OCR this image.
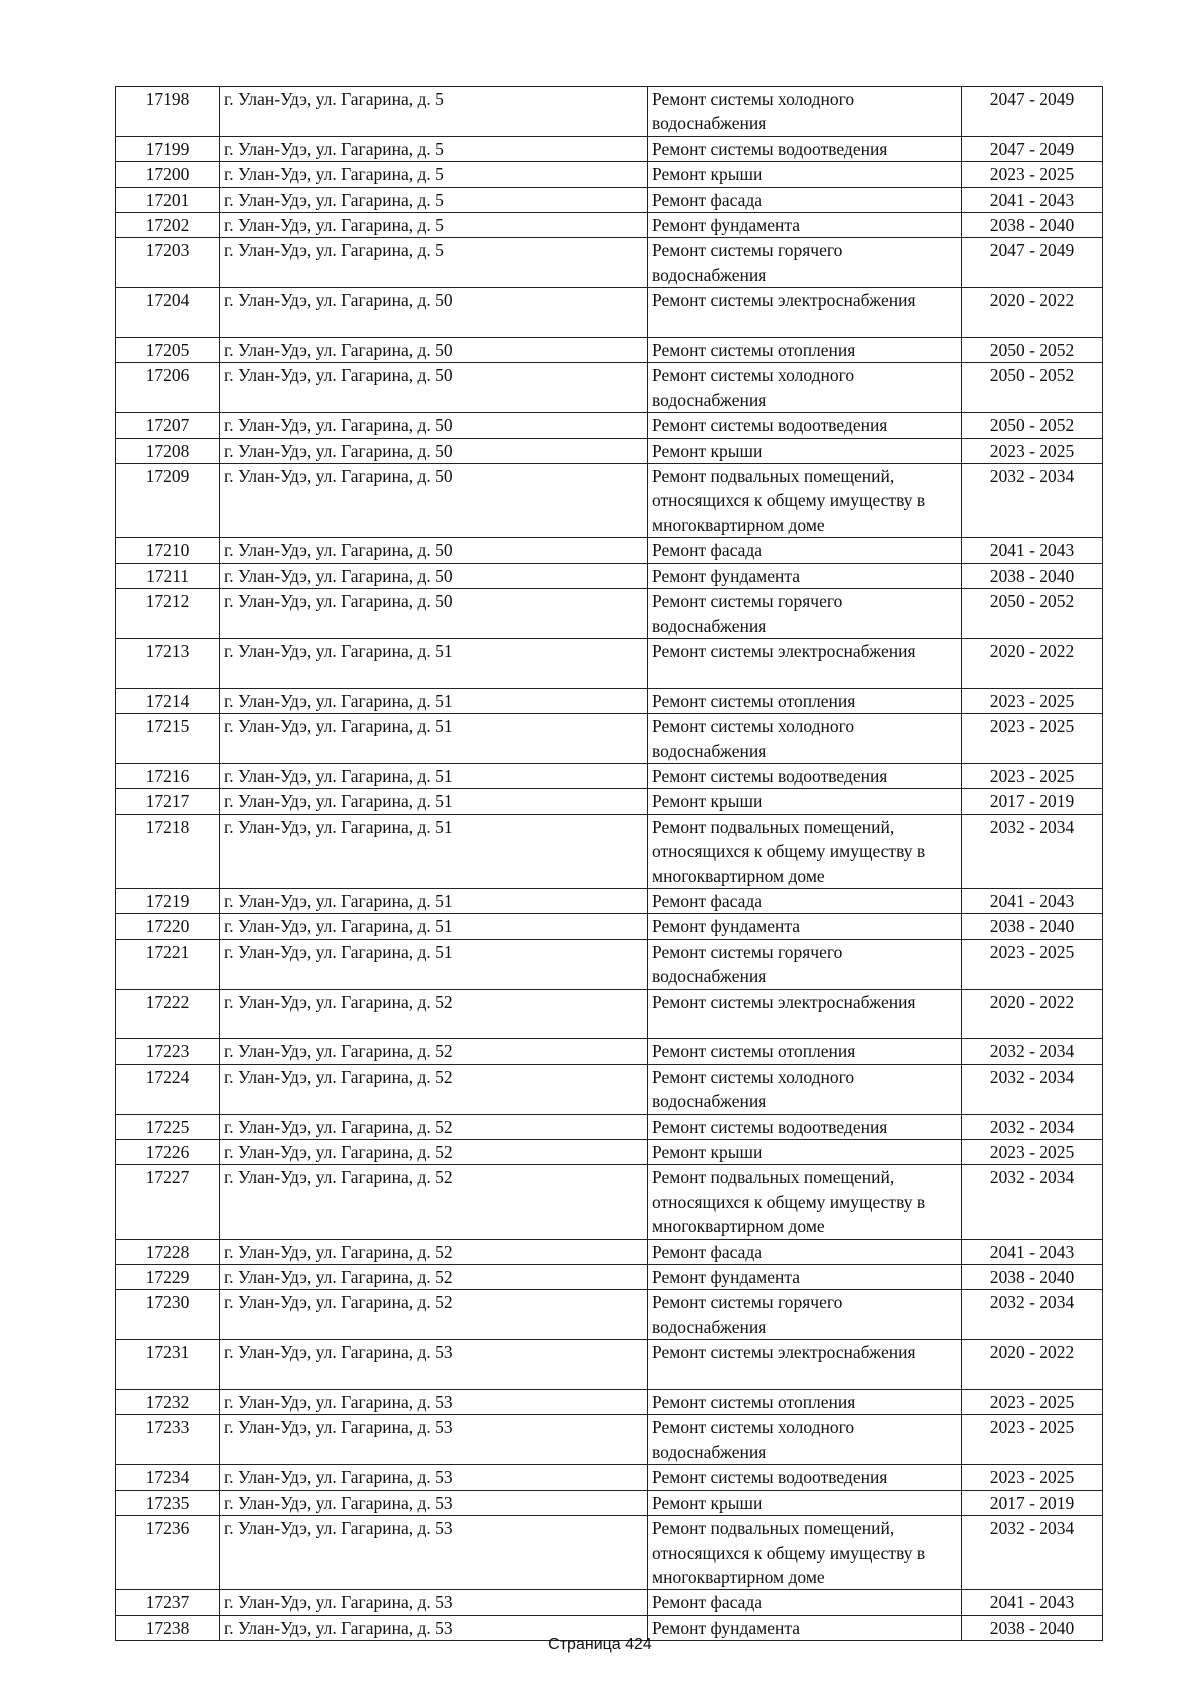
17198	г. Улан-Удэ, ул. Гагарина, д. 5	Ремонт системы холодного водоснабжения	2047 - 2049
17199	г. Улан-Удэ, ул. Гагарина, д. 5	Ремонт системы водоотведения	2047 - 2049
17200	г. Улан-Удэ, ул. Гагарина, д. 5	Ремонт крыши	2023 - 2025
17201	г. Улан-Удэ, ул. Гагарина, д. 5	Ремонт фасада	2041 - 2043
17202	г. Улан-Удэ, ул. Гагарина, д. 5	Ремонт фундамента	2038 - 2040
17203	г. Улан-Удэ, ул. Гагарина, д. 5	Ремонт системы горячего водоснабжения	2047 - 2049
17204	г. Улан-Удэ, ул. Гагарина, д. 50	Ремонт системы электроснабжения	2020 - 2022
17205	г. Улан-Удэ, ул. Гагарина, д. 50	Ремонт системы отопления	2050 - 2052
17206	г. Улан-Удэ, ул. Гагарина, д. 50	Ремонт системы холодного водоснабжения	2050 - 2052
17207	г. Улан-Удэ, ул. Гагарина, д. 50	Ремонт системы водоотведения	2050 - 2052
17208	г. Улан-Удэ, ул. Гагарина, д. 50	Ремонт крыши	2023 - 2025
17209	г. Улан-Удэ, ул. Гагарина, д. 50	Ремонт подвальных помещений, относящихся к общему имуществу в многоквартирном доме	2032 - 2034
17210	г. Улан-Удэ, ул. Гагарина, д. 50	Ремонт фасада	2041 - 2043
17211	г. Улан-Удэ, ул. Гагарина, д. 50	Ремонт фундамента	2038 - 2040
17212	г. Улан-Удэ, ул. Гагарина, д. 50	Ремонт системы горячего водоснабжения	2050 - 2052
17213	г. Улан-Удэ, ул. Гагарина, д. 51	Ремонт системы электроснабжения	2020 - 2022
17214	г. Улан-Удэ, ул. Гагарина, д. 51	Ремонт системы отопления	2023 - 2025
17215	г. Улан-Удэ, ул. Гагарина, д. 51	Ремонт системы холодного водоснабжения	2023 - 2025
17216	г. Улан-Удэ, ул. Гагарина, д. 51	Ремонт системы водоотведения	2023 - 2025
17217	г. Улан-Удэ, ул. Гагарина, д. 51	Ремонт крыши	2017 - 2019
17218	г. Улан-Удэ, ул. Гагарина, д. 51	Ремонт подвальных помещений, относящихся к общему имуществу в многоквартирном доме	2032 - 2034
17219	г. Улан-Удэ, ул. Гагарина, д. 51	Ремонт фасада	2041 - 2043
17220	г. Улан-Удэ, ул. Гагарина, д. 51	Ремонт фундамента	2038 - 2040
17221	г. Улан-Удэ, ул. Гагарина, д. 51	Ремонт системы горячего водоснабжения	2023 - 2025
17222	г. Улан-Удэ, ул. Гагарина, д. 52	Ремонт системы электроснабжения	2020 - 2022
17223	г. Улан-Удэ, ул. Гагарина, д. 52	Ремонт системы отопления	2032 - 2034
17224	г. Улан-Удэ, ул. Гагарина, д. 52	Ремонт системы холодного водоснабжения	2032 - 2034
17225	г. Улан-Удэ, ул. Гагарина, д. 52	Ремонт системы водоотведения	2032 - 2034
17226	г. Улан-Удэ, ул. Гагарина, д. 52	Ремонт крыши	2023 - 2025
17227	г. Улан-Удэ, ул. Гагарина, д. 52	Ремонт подвальных помещений, относящихся к общему имуществу в многоквартирном доме	2032 - 2034
17228	г. Улан-Удэ, ул. Гагарина, д. 52	Ремонт фасада	2041 - 2043
17229	г. Улан-Удэ, ул. Гагарина, д. 52	Ремонт фундамента	2038 - 2040
17230	г. Улан-Удэ, ул. Гагарина, д. 52	Ремонт системы горячего водоснабжения	2032 - 2034
17231	г. Улан-Удэ, ул. Гагарина, д. 53	Ремонт системы электроснабжения	2020 - 2022
17232	г. Улан-Удэ, ул. Гагарина, д. 53	Ремонт системы отопления	2023 - 2025
17233	г. Улан-Удэ, ул. Гагарина, д. 53	Ремонт системы холодного водоснабжения	2023 - 2025
17234	г. Улан-Удэ, ул. Гагарина, д. 53	Ремонт системы водоотведения	2023 - 2025
17235	г. Улан-Удэ, ул. Гагарина, д. 53	Ремонт крыши	2017 - 2019
17236	г. Улан-Удэ, ул. Гагарина, д. 53	Ремонт подвальных помещений, относящихся к общему имуществу в многоквартирном доме	2032 - 2034
17237	г. Улан-Удэ, ул. Гагарина, д. 53	Ремонт фасада	2041 - 2043
17238	г. Улан-Удэ, ул. Гагарина, д. 53	Ремонт фундамента	2038 - 2040
Страница 424
